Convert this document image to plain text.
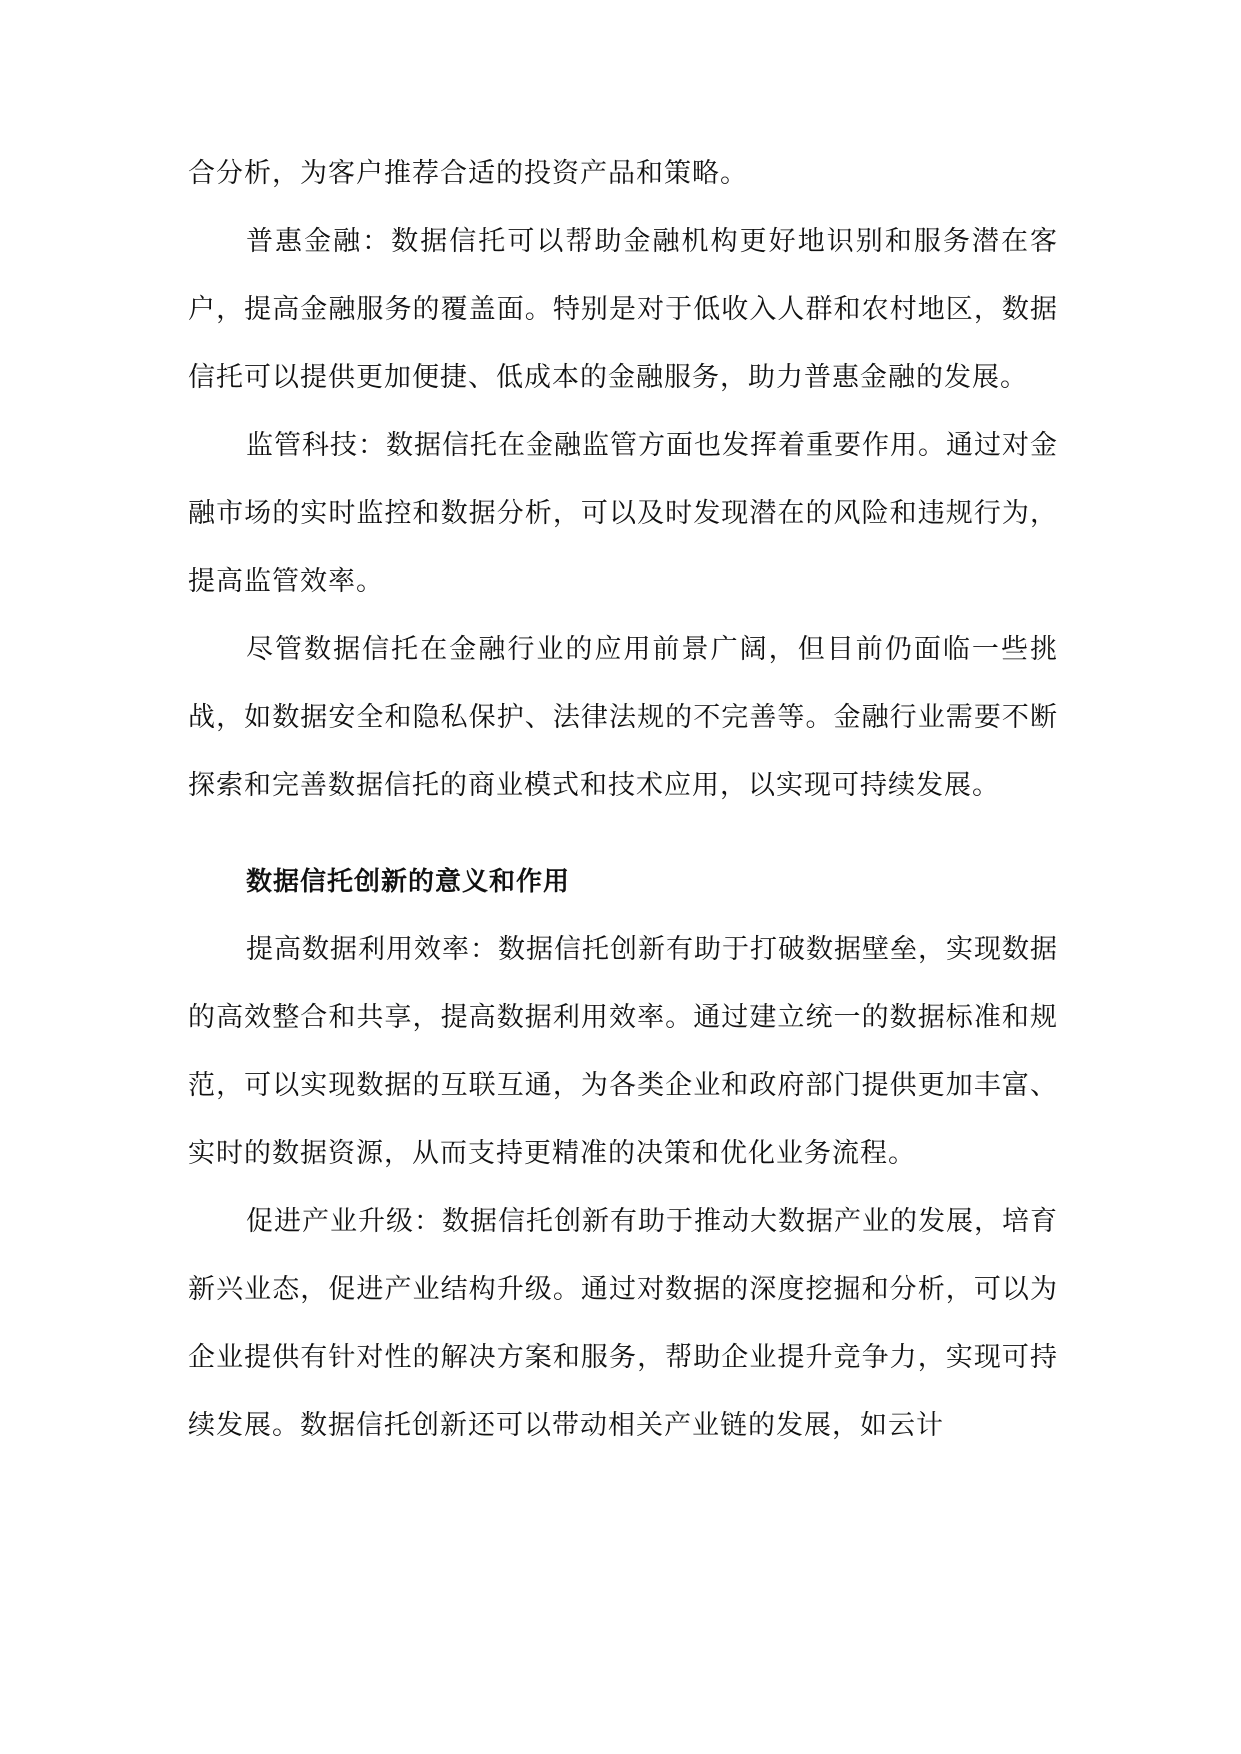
合分析，为客户推荐合适的投资产品和策略。

普惠金融：数据信托可以帮助金融机构更好地识别和服务潜在客户，提高金融服务的覆盖面。特别是对于低收入人群和农村地区，数据信托可以提供更加便捷、低成本的金融服务，助力普惠金融的发展。

监管科技：数据信托在金融监管方面也发挥着重要作用。通过对金融市场的实时监控和数据分析，可以及时发现潜在的风险和违规行为，提高监管效率。

尽管数据信托在金融行业的应用前景广阔，但目前仍面临一些挑战，如数据安全和隐私保护、法律法规的不完善等。金融行业需要不断探索和完善数据信托的商业模式和技术应用，以实现可持续发展。

数据信托创新的意义和作用

提高数据利用效率：数据信托创新有助于打破数据壁垒，实现数据的高效整合和共享，提高数据利用效率。通过建立统一的数据标准和规范，可以实现数据的互联互通，为各类企业和政府部门提供更加丰富、实时的数据资源，从而支持更精准的决策和优化业务流程。

促进产业升级：数据信托创新有助于推动大数据产业的发展，培育新兴业态，促进产业结构升级。通过对数据的深度挖掘和分析，可以为企业提供有针对性的解决方案和服务，帮助企业提升竞争力，实现可持续发展。数据信托创新还可以带动相关产业链的发展，如云计
